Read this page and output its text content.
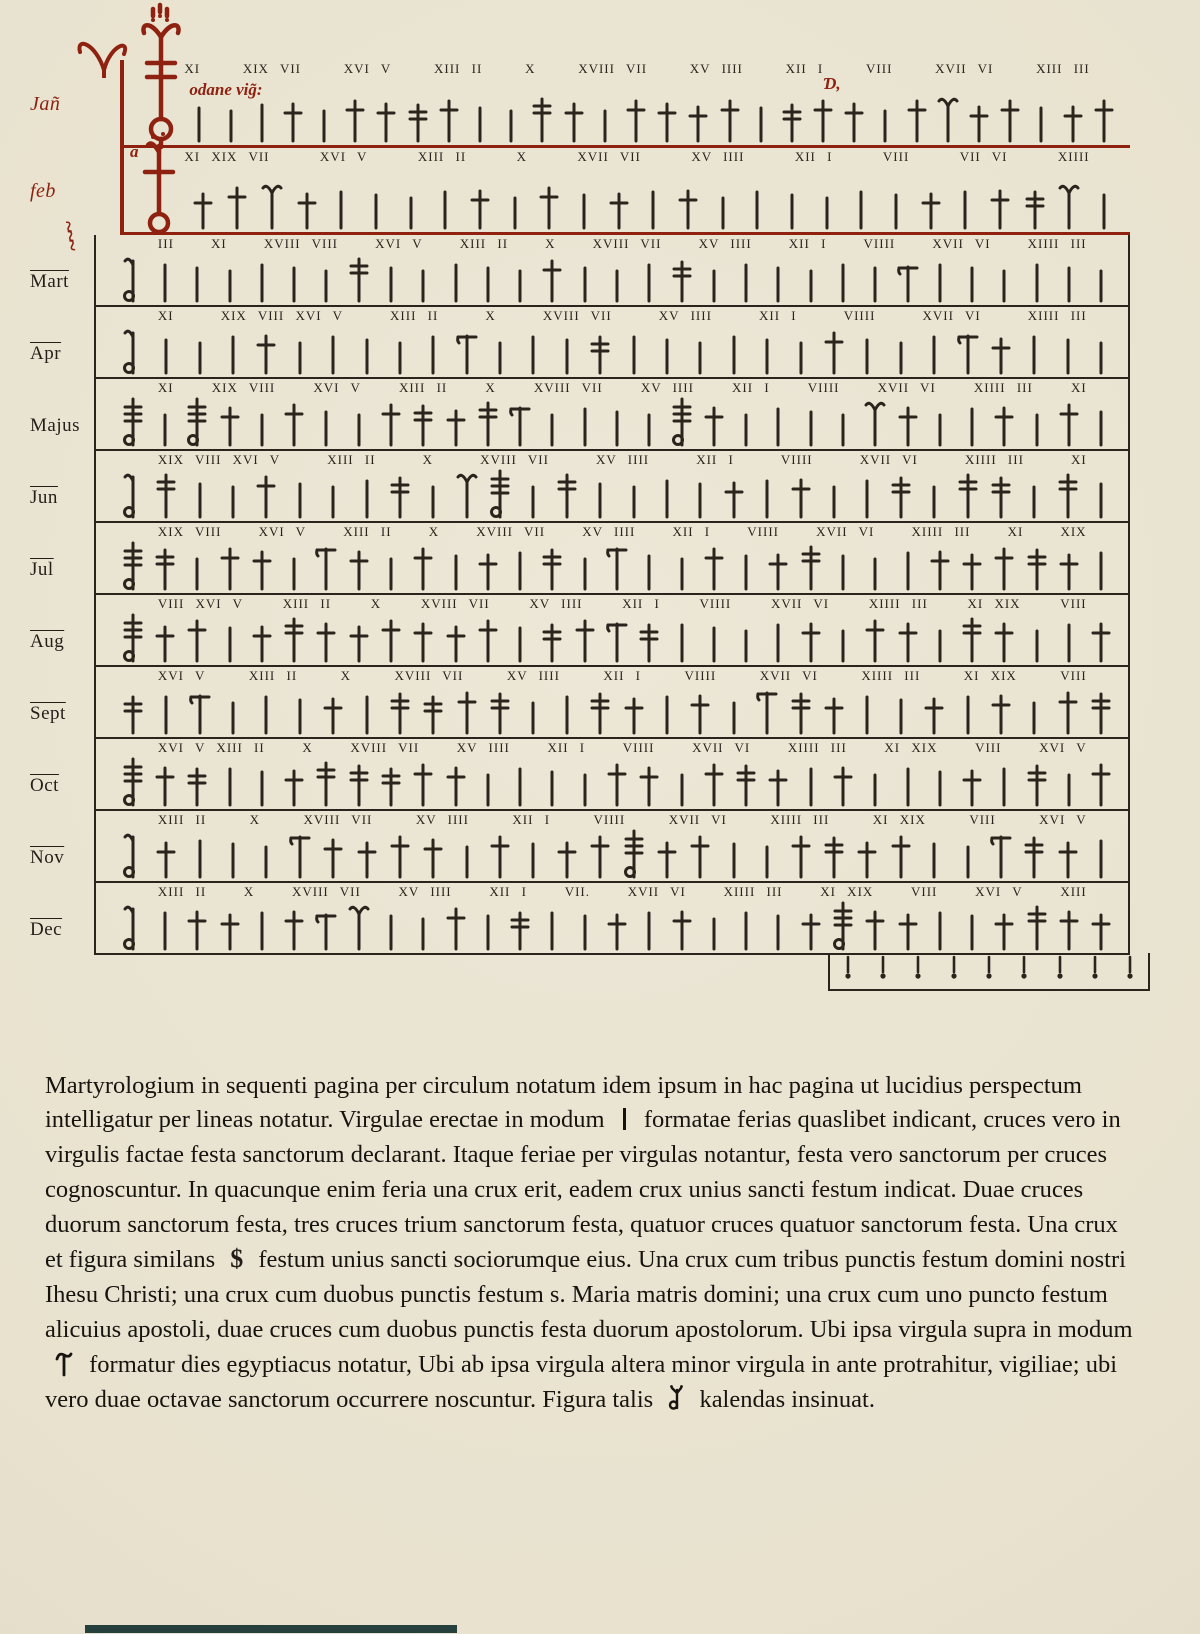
Jañ
XI	XIX VII	XVI V	XIII II	X	XVIII VII	XV IIII	XII I	VIII	XVII VI	XIII III
odane vig̃:	Ɗ,
feb
XI XIX VII	XVI V	XIII II	X	XVII VII	XV IIII	XII I	VIII	VII VI	XIIII
a
Mart
III	XI	XVIII VIII	XVI V	XIII II	X	XVIII VII	XV IIII	XII I	VIIII	XVII VI	XIIII III
$\overline{Apr}$
XI	XIX VIII XVI V	XIII II	X	XVIII VII	XV IIII	XII I	VIIII	XVII VI	XIIII III
Majus
XI	XIX VIII	XVI V	XIII II	X	XVIII VII	XV IIII	XII I	VIIII	XVII VI	XIIII III	XI
$\overline{Jun}$
XIX VIII XVI V	XIII II	X	XVIII VII	XV IIII	XII I	VIIII	XVII VI	XIIII III	XI
$\overline{Jul}$
XIX VIII	XVI V	XIII II	X	XVIII VII	XV IIII	XII I	VIIII	XVII VI	XIIII III	XI	XIX
$\overline{Aug}$
VIII XVI V	XIII II	X	XVIII VII	XV IIII	XII I	VIIII	XVII VI	XIIII III	XI XIX	VIII
Sept
XVI V	XIII II	X	XVIII VII	XV IIII	XII I	VIIII	XVII VI	XIIII III	XI XIX	VIII
$\overline{Oct}$
XVI V XIII II	X	XVIII VII	XV IIII	XII I	VIIII	XVII VI	XIIII III	XI XIX	VIII	XVI V
$\overline{Nov}$
XIII II	X	XVIII VII	XV IIII	XII I	VIIII	XVII VI	XIIII III	XI XIX	VIII	XVI V
$\overline{Dec}$
XIII II	X	XVIII VII	XV IIII	XII I	VII.	XVII VI	XIIII III	XI XIX	VIII	XVI V	XIII
~~~

Martyrologium in sequenti pagina per circulum notatum idem ipsum in hac pagina ut lucidius perspectum intelligatur per lineas notatur. Virgulae erectae in modum  formatae ferias quaslibet indicant, cruces vero in virgulis factae festa sanctorum declarant. Itaque feriae per virgulas notantur, festa vero sanctorum per cruces cognoscuntur. In quacunque enim feria una crux erit, eadem crux unius sancti festum indicat. Duae cruces duorum sanctorum festa, tres cruces trium sanctorum festa, quatuor cruces quatuor sanctorum festa. Una crux et figura similans $ festum unius sancti sociorumque eius. Una crux cum tribus punctis festum domini nostri Ihesu Christi; una crux cum duobus punctis festum s. Maria matris domini; una crux cum uno puncto festum alicuius apostoli, duae cruces cum duobus punctis festa duorum apostolorum. Ubi ipsa virgula supra in modum  formatur dies egyptiacus notatur, Ubi ab ipsa virgula altera minor virgula in ante protrahitur, vigiliae; ubi vero duae octavae sanctorum occurrere noscuntur. Figura talis  kalendas insinuat.
